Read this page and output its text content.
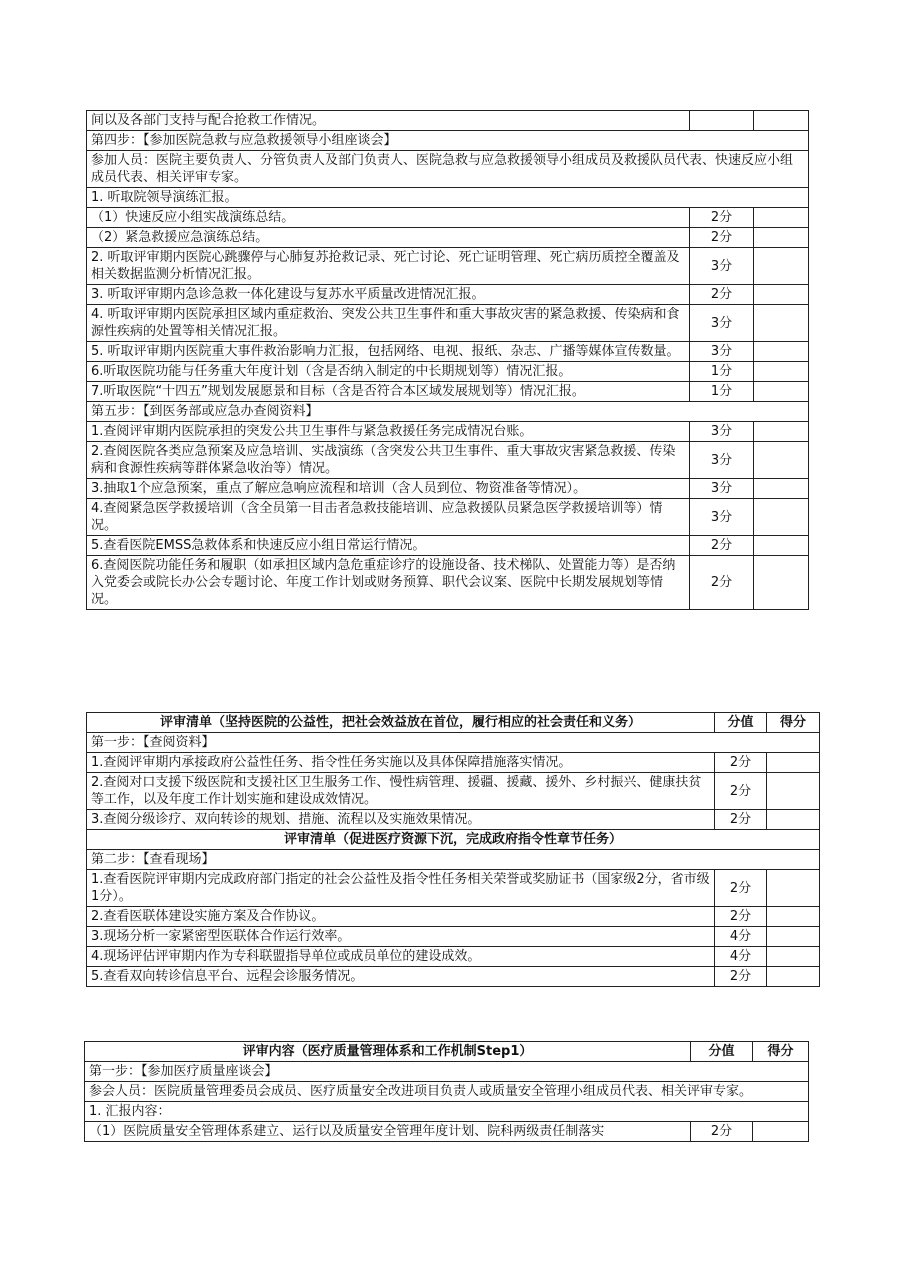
间以及各部门支持与配合抢救工作情况。		
第四步：【参加医院急救与应急救援领导小组座谈会】		
参加人员：医院主要负责人、分管负责人及部门负责人、医院急救与应急救援领导小组成员及救援队员代表、快速反应小组成员代表、相关评审专家。		
1. 听取院领导演练汇报。		
（1）快速反应小组实战演练总结。	2分	
（2）紧急救援应急演练总结。	2分	
2. 听取评审期内医院心跳骤停与心肺复苏抢救记录、死亡讨论、死亡证明管理、死亡病历质控全覆盖及相关数据监测分析情况汇报。	3分	
3. 听取评审期内急诊急救一体化建设与复苏水平质量改进情况汇报。	2分	
4. 听取评审期内医院承担区域内重症救治、突发公共卫生事件和重大事故灾害的紧急救援、传染病和食源性疾病的处置等相关情况汇报。	3分	
5. 听取评审期内医院重大事件救治影响力汇报，包括网络、电视、报纸、杂志、广播等媒体宣传数量。	3分	
6.听取医院功能与任务重大年度计划（含是否纳入制定的中长期规划等）情况汇报。	1分	
7.听取医院“十四五”规划发展愿景和目标（含是否符合本区域发展规划等）情况汇报。	1分	
第五步：【到医务部或应急办查阅资料】		
1.查阅评审期内医院承担的突发公共卫生事件与紧急救援任务完成情况台账。	3分	
2.查阅医院各类应急预案及应急培训、实战演练（含突发公共卫生事件、重大事故灾害紧急救援、传染病和食源性疾病等群体紧急收治等）情况。	3分	
3.抽取1个应急预案，重点了解应急响应流程和培训（含人员到位、物资准备等情况）。	3分	
4.查阅紧急医学救援培训（含全员第一目击者急救技能培训、应急救援队员紧急医学救援培训等）情况。	3分	
5.查看医院EMSS急救体系和快速反应小组日常运行情况。	2分	
6.查阅医院功能任务和履职（如承担区域内急危重症诊疗的设施设备、技术梯队、处置能力等）是否纳入党委会或院长办公会专题讨论、年度工作计划或财务预算、职代会议案、医院中长期发展规划等情况。	2分	
评审清单（坚持医院的公益性，把社会效益放在首位，履行相应的社会责任和义务）	分值	得分
第一步：【查阅资料】		
1.查阅评审期内承接政府公益性任务、指令性任务实施以及具体保障措施落实情况。	2分	
2.查阅对口支援下级医院和支援社区卫生服务工作、慢性病管理、援疆、援藏、援外、乡村振兴、健康扶贫等工作，以及年度工作计划实施和建设成效情况。	2分	
3.查阅分级诊疗、双向转诊的规划、措施、流程以及实施效果情况。	2分	
评审清单（促进医疗资源下沉，完成政府指令性章节任务）		
第二步：【查看现场】		
1.查看医院评审期内完成政府部门指定的社会公益性及指令性任务相关荣誉或奖励证书（国家级2分，省市级1分）。	2分	
2.查看医联体建设实施方案及合作协议。	2分	
3.现场分析一家紧密型医联体合作运行效率。	4分	
4.现场评估评审期内作为专科联盟指导单位或成员单位的建设成效。	4分	
5.查看双向转诊信息平台、远程会诊服务情况。	2分	
评审内容（医疗质量管理体系和工作机制Step1）	分值	得分
第一步：【参加医疗质量座谈会】		
参会人员：医院质量管理委员会成员、医疗质量安全改进项目负责人或质量安全管理小组成员代表、相关评审专家。		
1. 汇报内容：		
（1）医院质量安全管理体系建立、运行以及质量安全管理年度计划、院科两级责任制落实	2分	
